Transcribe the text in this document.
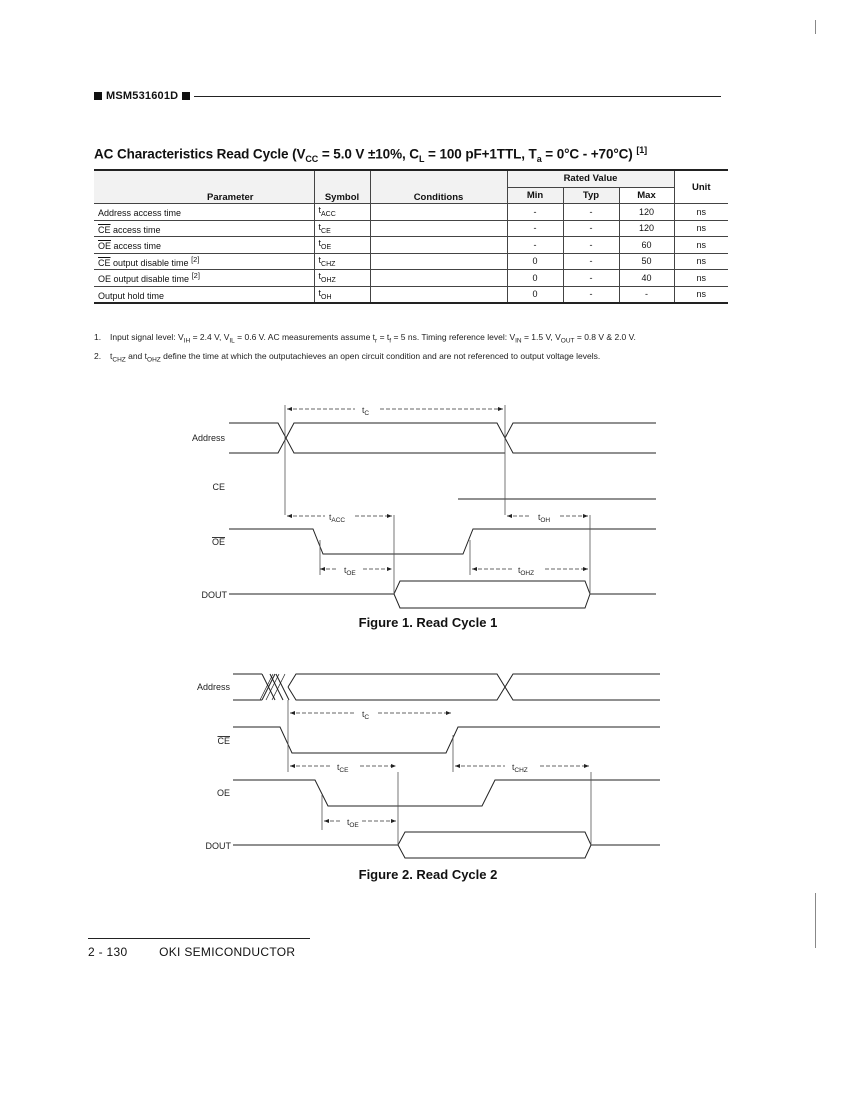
MSM531601D
AC Characteristics Read Cycle ($V_{CC} = 5.0$ V ±10%, $C_L = 100$ pF+1TTL, $T_a = 0^\circ C - +70^\circ C$) [1]
Parameter	Symbol	Conditions	Rated Value			Unit
			Min	Typ	Max	
Address access time	$t_{ACC}$		-	-	120	ns
$\overline{CE}$ access time	$t_{CE}$		-	-	120	ns
$\overline{OE}$ access time	$t_{OE}$		-	-	60	ns
$\overline{CE}$ output disable time [2]	$t_{CHZ}$		0	-	50	ns
OE output disable time [2]	$t_{OHZ}$		0	-	40	ns
Output hold time	$t_{OH}$		0	-	-	ns
1. Input signal level: $V_{IH} = 2.4$ V, $V_{IL} = 0.6$ V. AC measurements assume $t_r = t_f = 5$ ns. Timing reference level: $V_{IN} = 1.5$ V, $V_{OUT} = 0.8$ V & 2.0 V.
2. $t_{CHZ}$ and $t_{OHZ}$ define the time at which the outputachieves an open circuit condition and are not referenced to output voltage levels.
Address
CE
OE
DOUT
$t_C$
$t_{ACC}$	$t_{OH}$
$t_{OE}$	$t_{OHZ}$
Figure 1. Read Cycle 1
Address
CE
OE
DOUT
$t_C$
$t_{CE}$	$t_{CHZ}$
$t_{OE}$
Figure 2. Read Cycle 2
2 - 130	OKI SEMICONDUCTOR
